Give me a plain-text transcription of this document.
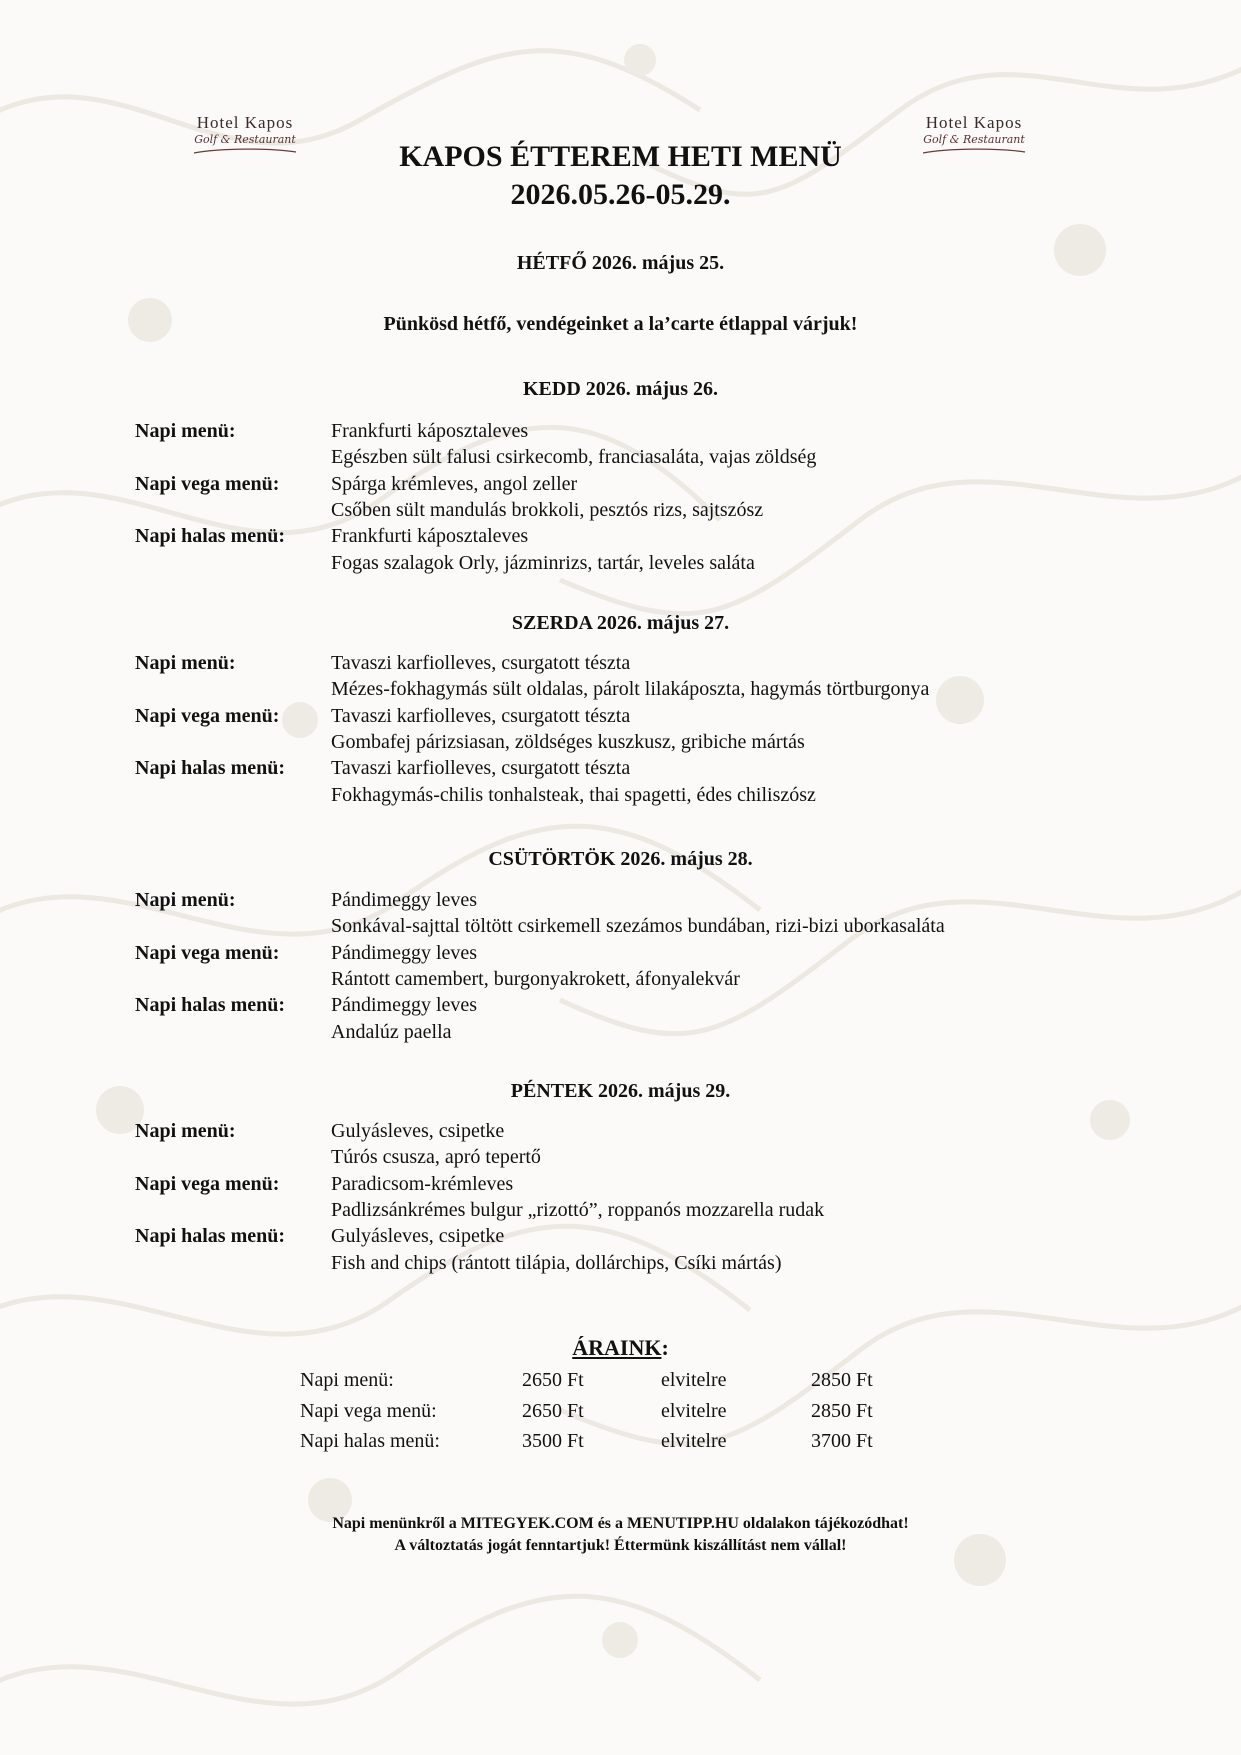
Hotel Kapos
Golf & Restaurant
Hotel Kapos
Golf & Restaurant
KAPOS ÉTTEREM HETI MENÜ
2026.05.26-05.29.
HÉTFŐ 2026. május 25.
Pünkösd hétfő, vendégeinket a la’carte étlappal várjuk!
KEDD 2026. május 26.
Napi menü:	Frankfurti káposztaleves
Egészben sült falusi csirkecomb, franciasaláta, vajas zöldség
Napi vega menü:	Spárga krémleves, angol zeller
Csőben sült mandulás brokkoli, pesztós rizs, sajtszósz
Napi halas menü: Frankfurti káposztaleves
Fogas szalagok Orly, jázminrizs, tartár, leveles saláta
SZERDA 2026. május 27.
Napi menü:	Tavaszi karfiolleves, csurgatott tészta
Mézes-fokhagymás sült oldalas, párolt lilakáposzta, hagymás törtburgonya
Napi vega menü:	Tavaszi karfiolleves, csurgatott tészta
Gombafej párizsiasan, zöldséges kuszkusz, gribiche mártás
Napi halas menü: Tavaszi karfiolleves, csurgatott tészta
Fokhagymás-chilis tonhalsteak, thai spagetti, édes chiliszósz
CSÜTÖRTÖK 2026. május 28.
Napi menü:	Pándimeggy leves
Sonkával-sajttal töltött csirkemell szezámos bundában, rizi-bizi uborkasaláta
Napi vega menü:	Pándimeggy leves
Rántott camembert, burgonyakrokett, áfonyalekvár
Napi halas menü: Pándimeggy leves
Andalúz paella
PÉNTEK 2026. május 29.
Napi menü:	Gulyásleves, csipetke
Túrós csusza, apró tepertő
Napi vega menü:	Paradicsom-krémleves
Padlizsánkrémes bulgur „rizottó”, roppanós mozzarella rudak
Napi halas menü: Gulyásleves, csipetke
Fish and chips (rántott tilápia, dollárchips, Csíki mártás)
ÁRAINK:
Napi menü:	2650 Ft	elvitelre	2850 Ft
Napi vega menü:	2650 Ft	elvitelre	2850 Ft
Napi halas menü:	3500 Ft	elvitelre	3700 Ft
Napi menünkről a MITEGYEK.COM és a MENUTIPP.HU oldalakon tájékozódhat!
A változtatás jogát fenntartjuk! Éttermünk kiszállítást nem vállal!
